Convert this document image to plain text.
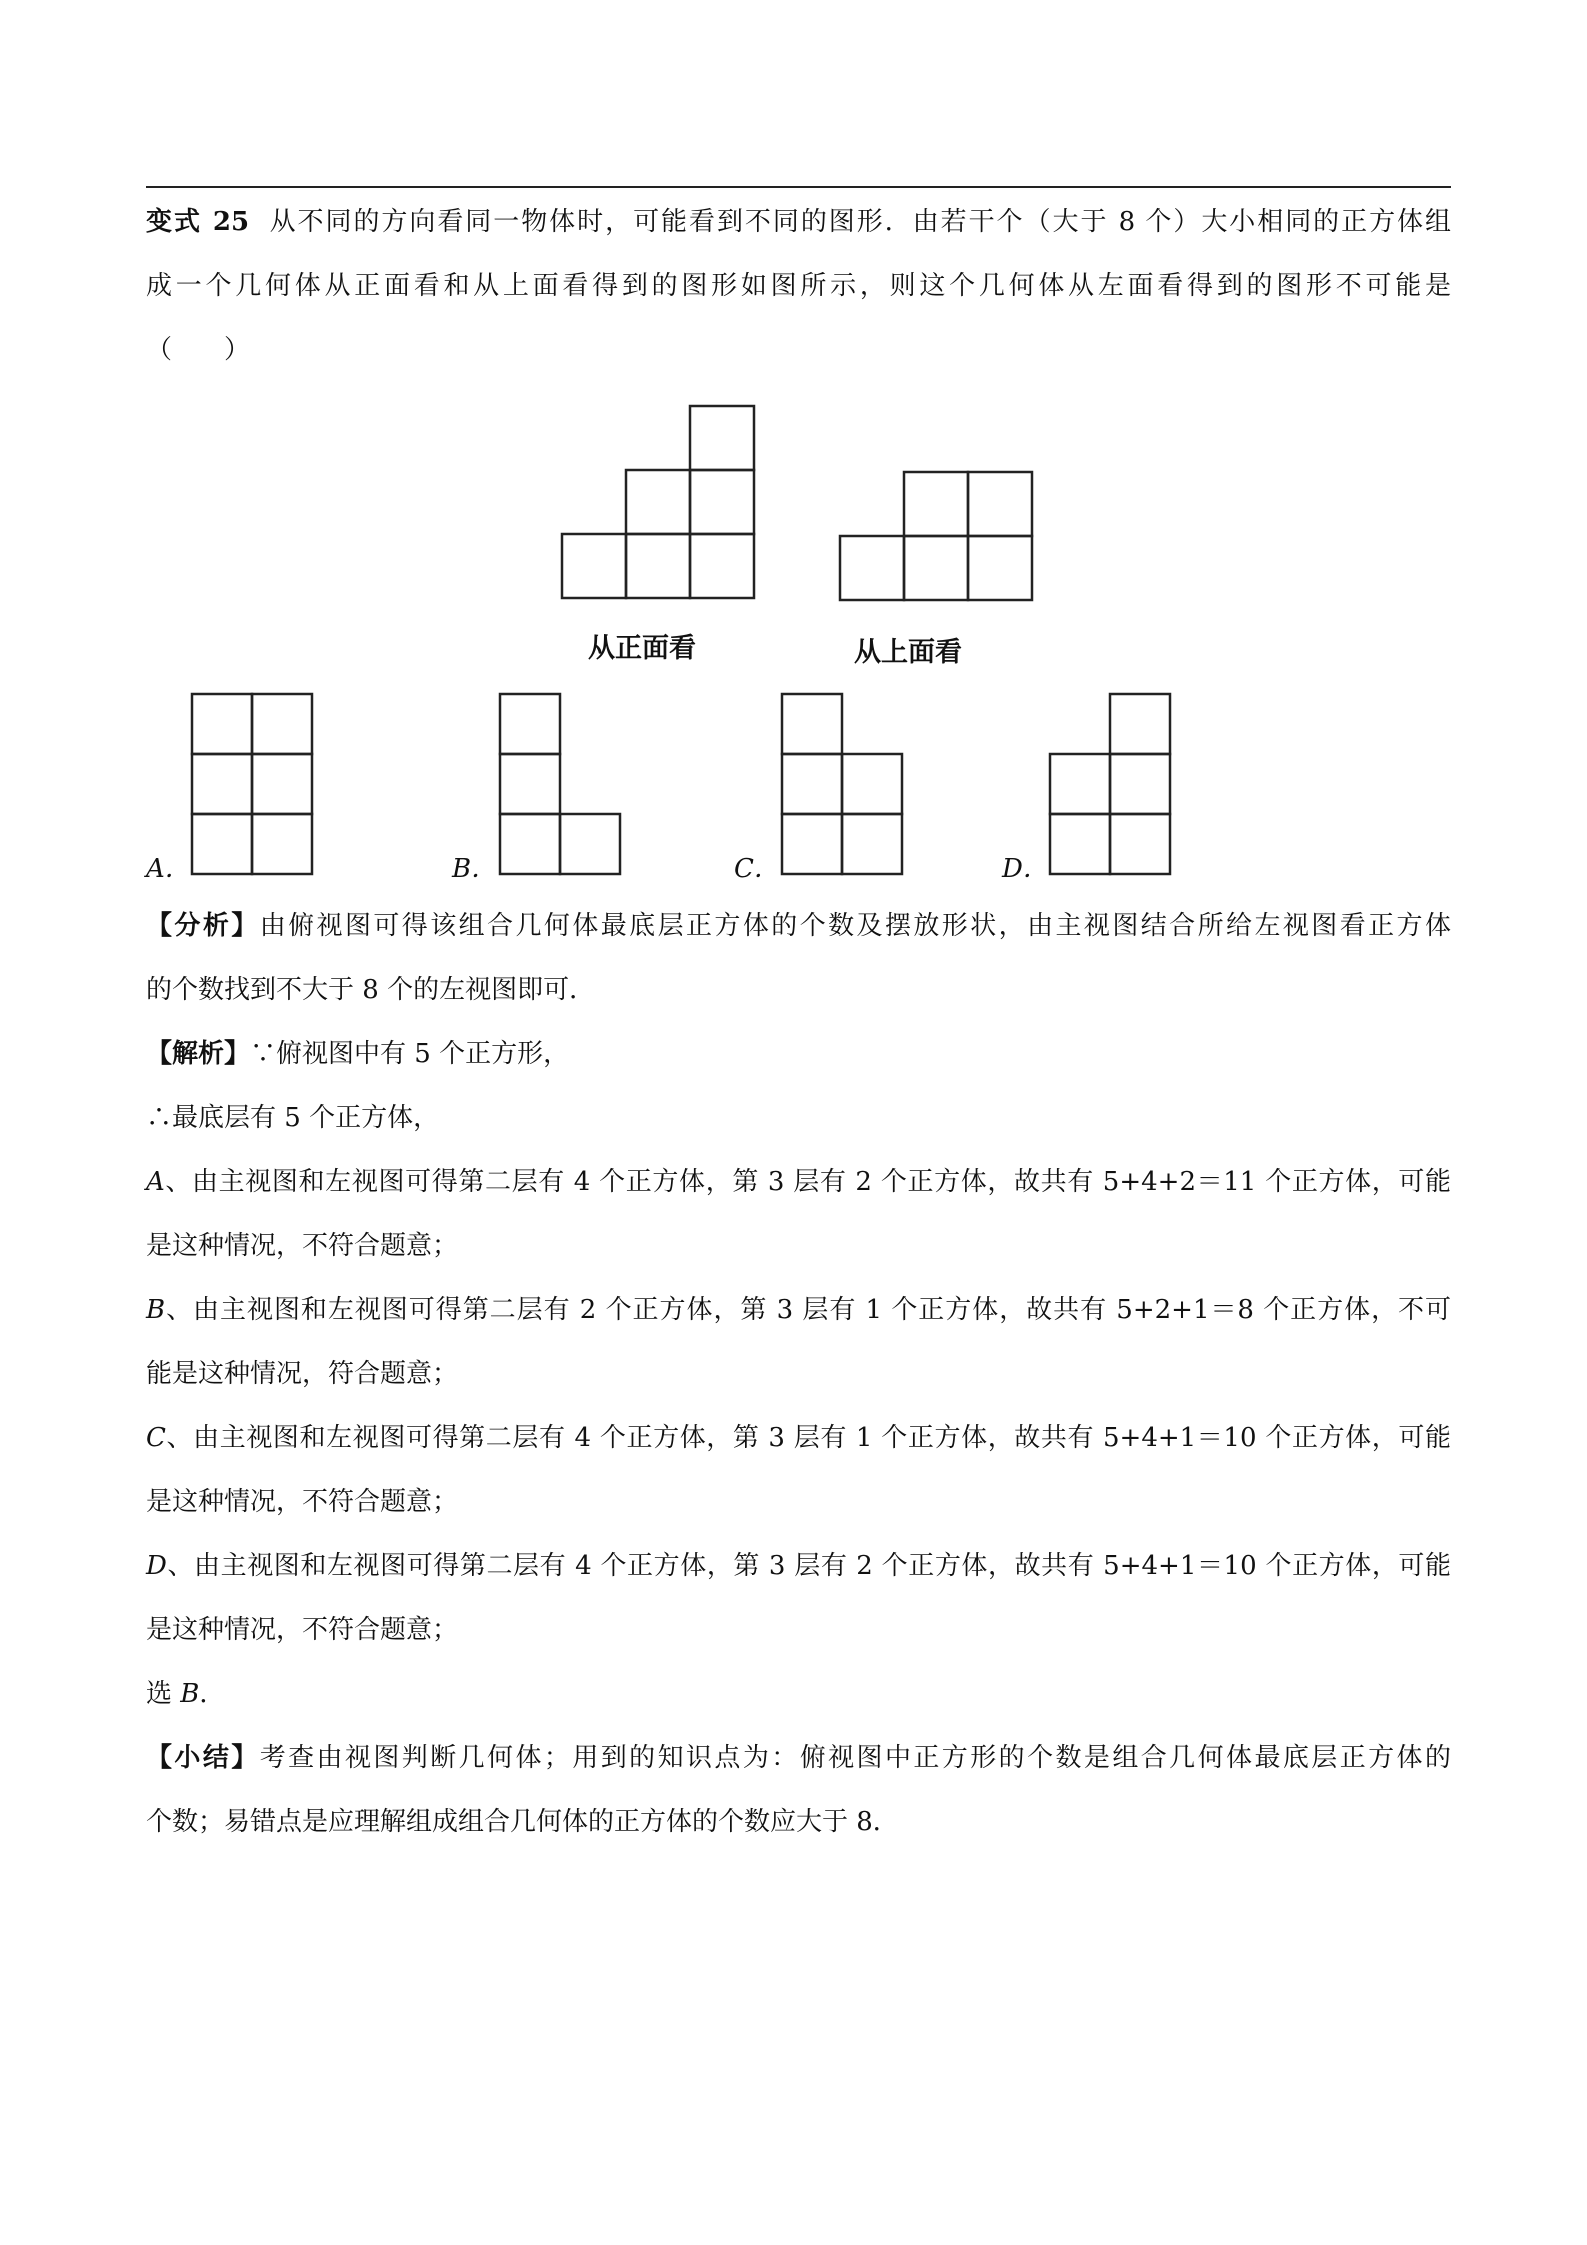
变式 25 从不同的方向看同一物体时，可能看到不同的图形．由若干个（大于 8 个）大小相同的正方体组
成一个几何体从正面看和从上面看得到的图形如图所示，则这个几何体从左面看得到的图形不可能是
（　　）
从正面看	从上面看
A．	B．	C．	D．
【分析】由俯视图可得该组合几何体最底层正方体的个数及摆放形状，由主视图结合所给左视图看正方体
的个数找到不大于 8 个的左视图即可．
【解析】∵俯视图中有 5 个正方形，
∴最底层有 5 个正方体，
A、由主视图和左视图可得第二层有 4 个正方体，第 3 层有 2 个正方体，故共有 5+4+2＝11 个正方体，可能
是这种情况，不符合题意；
B、由主视图和左视图可得第二层有 2 个正方体，第 3 层有 1 个正方体，故共有 5+2+1＝8 个正方体，不可
能是这种情况，符合题意；
C、由主视图和左视图可得第二层有 4 个正方体，第 3 层有 1 个正方体，故共有 5+4+1＝10 个正方体，可能
是这种情况，不符合题意；
D、由主视图和左视图可得第二层有 4 个正方体，第 3 层有 2 个正方体，故共有 5+4+1＝10 个正方体，可能
是这种情况，不符合题意；
选 B．
【小结】考查由视图判断几何体；用到的知识点为：俯视图中正方形的个数是组合几何体最底层正方体的
个数；易错点是应理解组成组合几何体的正方体的个数应大于 8．
